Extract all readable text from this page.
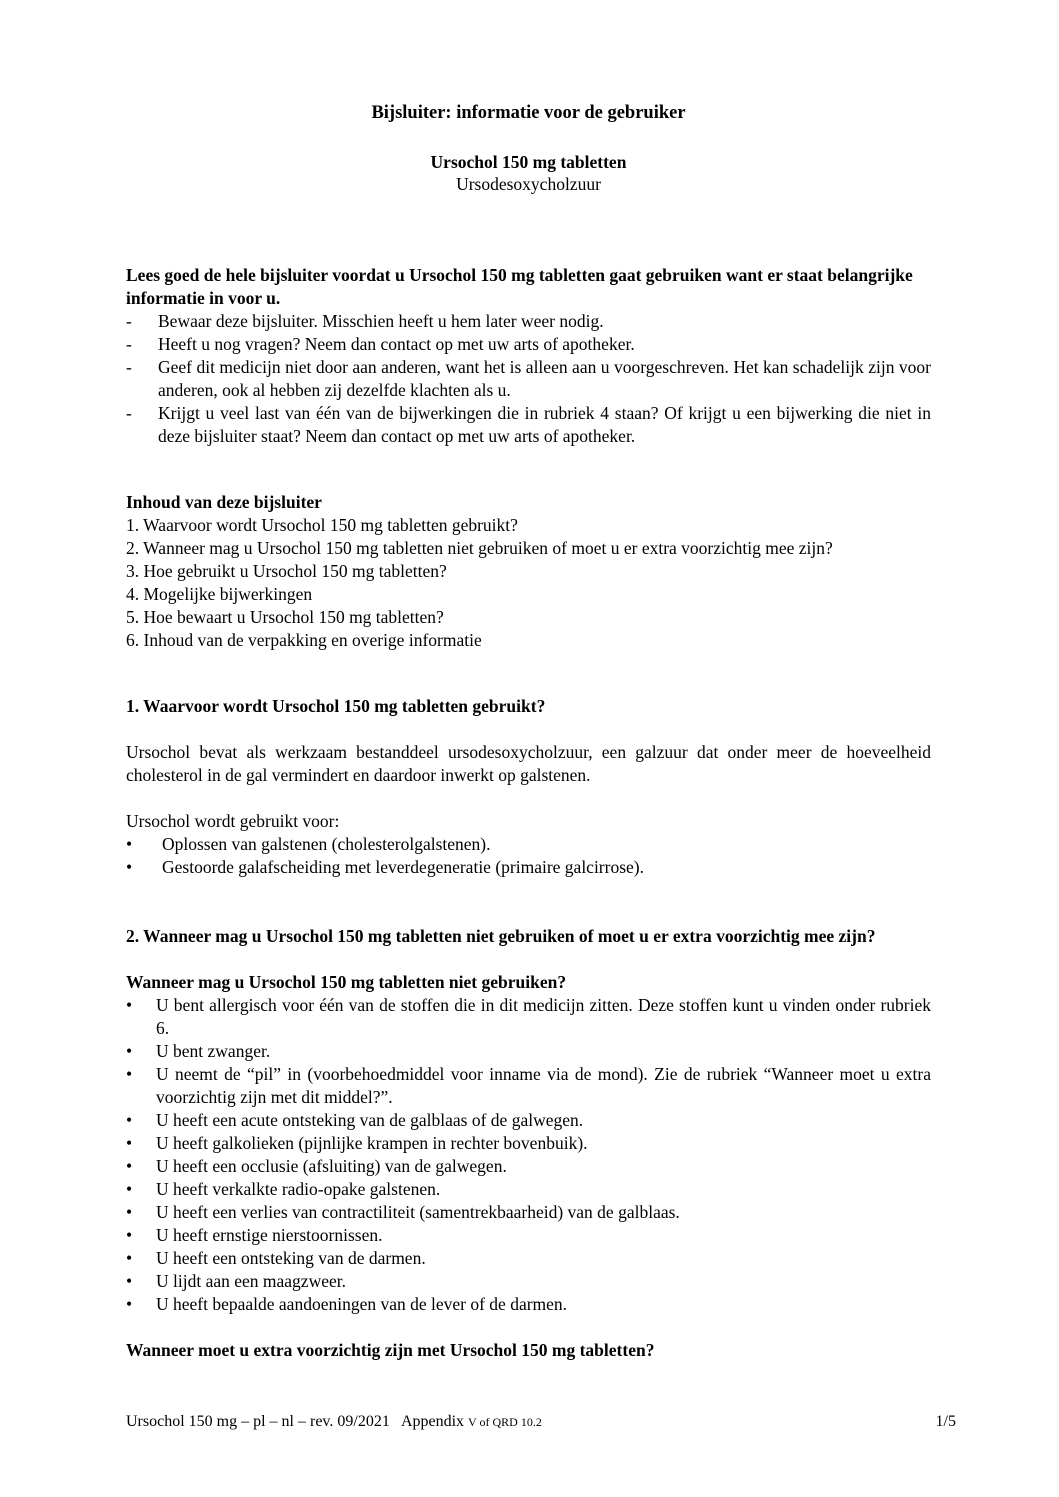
Bijsluiter: informatie voor de gebruiker
Ursochol 150 mg tabletten
Ursodesoxycholzuur
Lees goed de hele bijsluiter voordat u Ursochol 150 mg tabletten gaat gebruiken want er staat belangrijke informatie in voor u.
- Bewaar deze bijsluiter. Misschien heeft u hem later weer nodig.
- Heeft u nog vragen? Neem dan contact op met uw arts of apotheker.
- Geef dit medicijn niet door aan anderen, want het is alleen aan u voorgeschreven. Het kan schadelijk zijn voor anderen, ook al hebben zij dezelfde klachten als u.
- Krijgt u veel last van één van de bijwerkingen die in rubriek 4 staan? Of krijgt u een bijwerking die niet in deze bijsluiter staat? Neem dan contact op met uw arts of apotheker.
Inhoud van deze bijsluiter
1. Waarvoor wordt Ursochol 150 mg tabletten gebruikt?
2. Wanneer mag u Ursochol 150 mg tabletten niet gebruiken of moet u er extra voorzichtig mee zijn?
3. Hoe gebruikt u Ursochol 150 mg tabletten?
4. Mogelijke bijwerkingen
5. Hoe bewaart u Ursochol 150 mg tabletten?
6. Inhoud van de verpakking en overige informatie
1. Waarvoor wordt Ursochol 150 mg tabletten gebruikt?
Ursochol bevat als werkzaam bestanddeel ursodesoxycholzuur, een galzuur dat onder meer de hoeveelheid cholesterol in de gal vermindert en daardoor inwerkt op galstenen.
Ursochol wordt gebruikt voor:
• Oplossen van galstenen (cholesterolgalstenen).
• Gestoorde galafscheiding met leverdegeneratie (primaire galcirrose).
2. Wanneer mag u Ursochol 150 mg tabletten niet gebruiken of moet u er extra voorzichtig mee zijn?
Wanneer mag u Ursochol 150 mg tabletten niet gebruiken?
• U bent allergisch voor één van de stoffen die in dit medicijn zitten. Deze stoffen kunt u vinden onder rubriek 6.
• U bent zwanger.
• U neemt de “pil” in (voorbehoedmiddel voor inname via de mond). Zie de rubriek “Wanneer moet u extra voorzichtig zijn met dit middel?”.
• U heeft een acute ontsteking van de galblaas of de galwegen.
• U heeft galkolieken (pijnlijke krampen in rechter bovenbuik).
• U heeft een occlusie (afsluiting) van de galwegen.
• U heeft verkalkte radio-opake galstenen.
• U heeft een verlies van contractiliteit (samentrekbaarheid) van de galblaas.
• U heeft ernstige nierstoornissen.
• U heeft een ontsteking van de darmen.
• U lijdt aan een maagzweer.
• U heeft bepaalde aandoeningen van de lever of de darmen.
Wanneer moet u extra voorzichtig zijn met Ursochol 150 mg tabletten?
Ursochol 150 mg – pl – nl – rev. 09/2021   Appendix V of QRD 10.2	1/5
